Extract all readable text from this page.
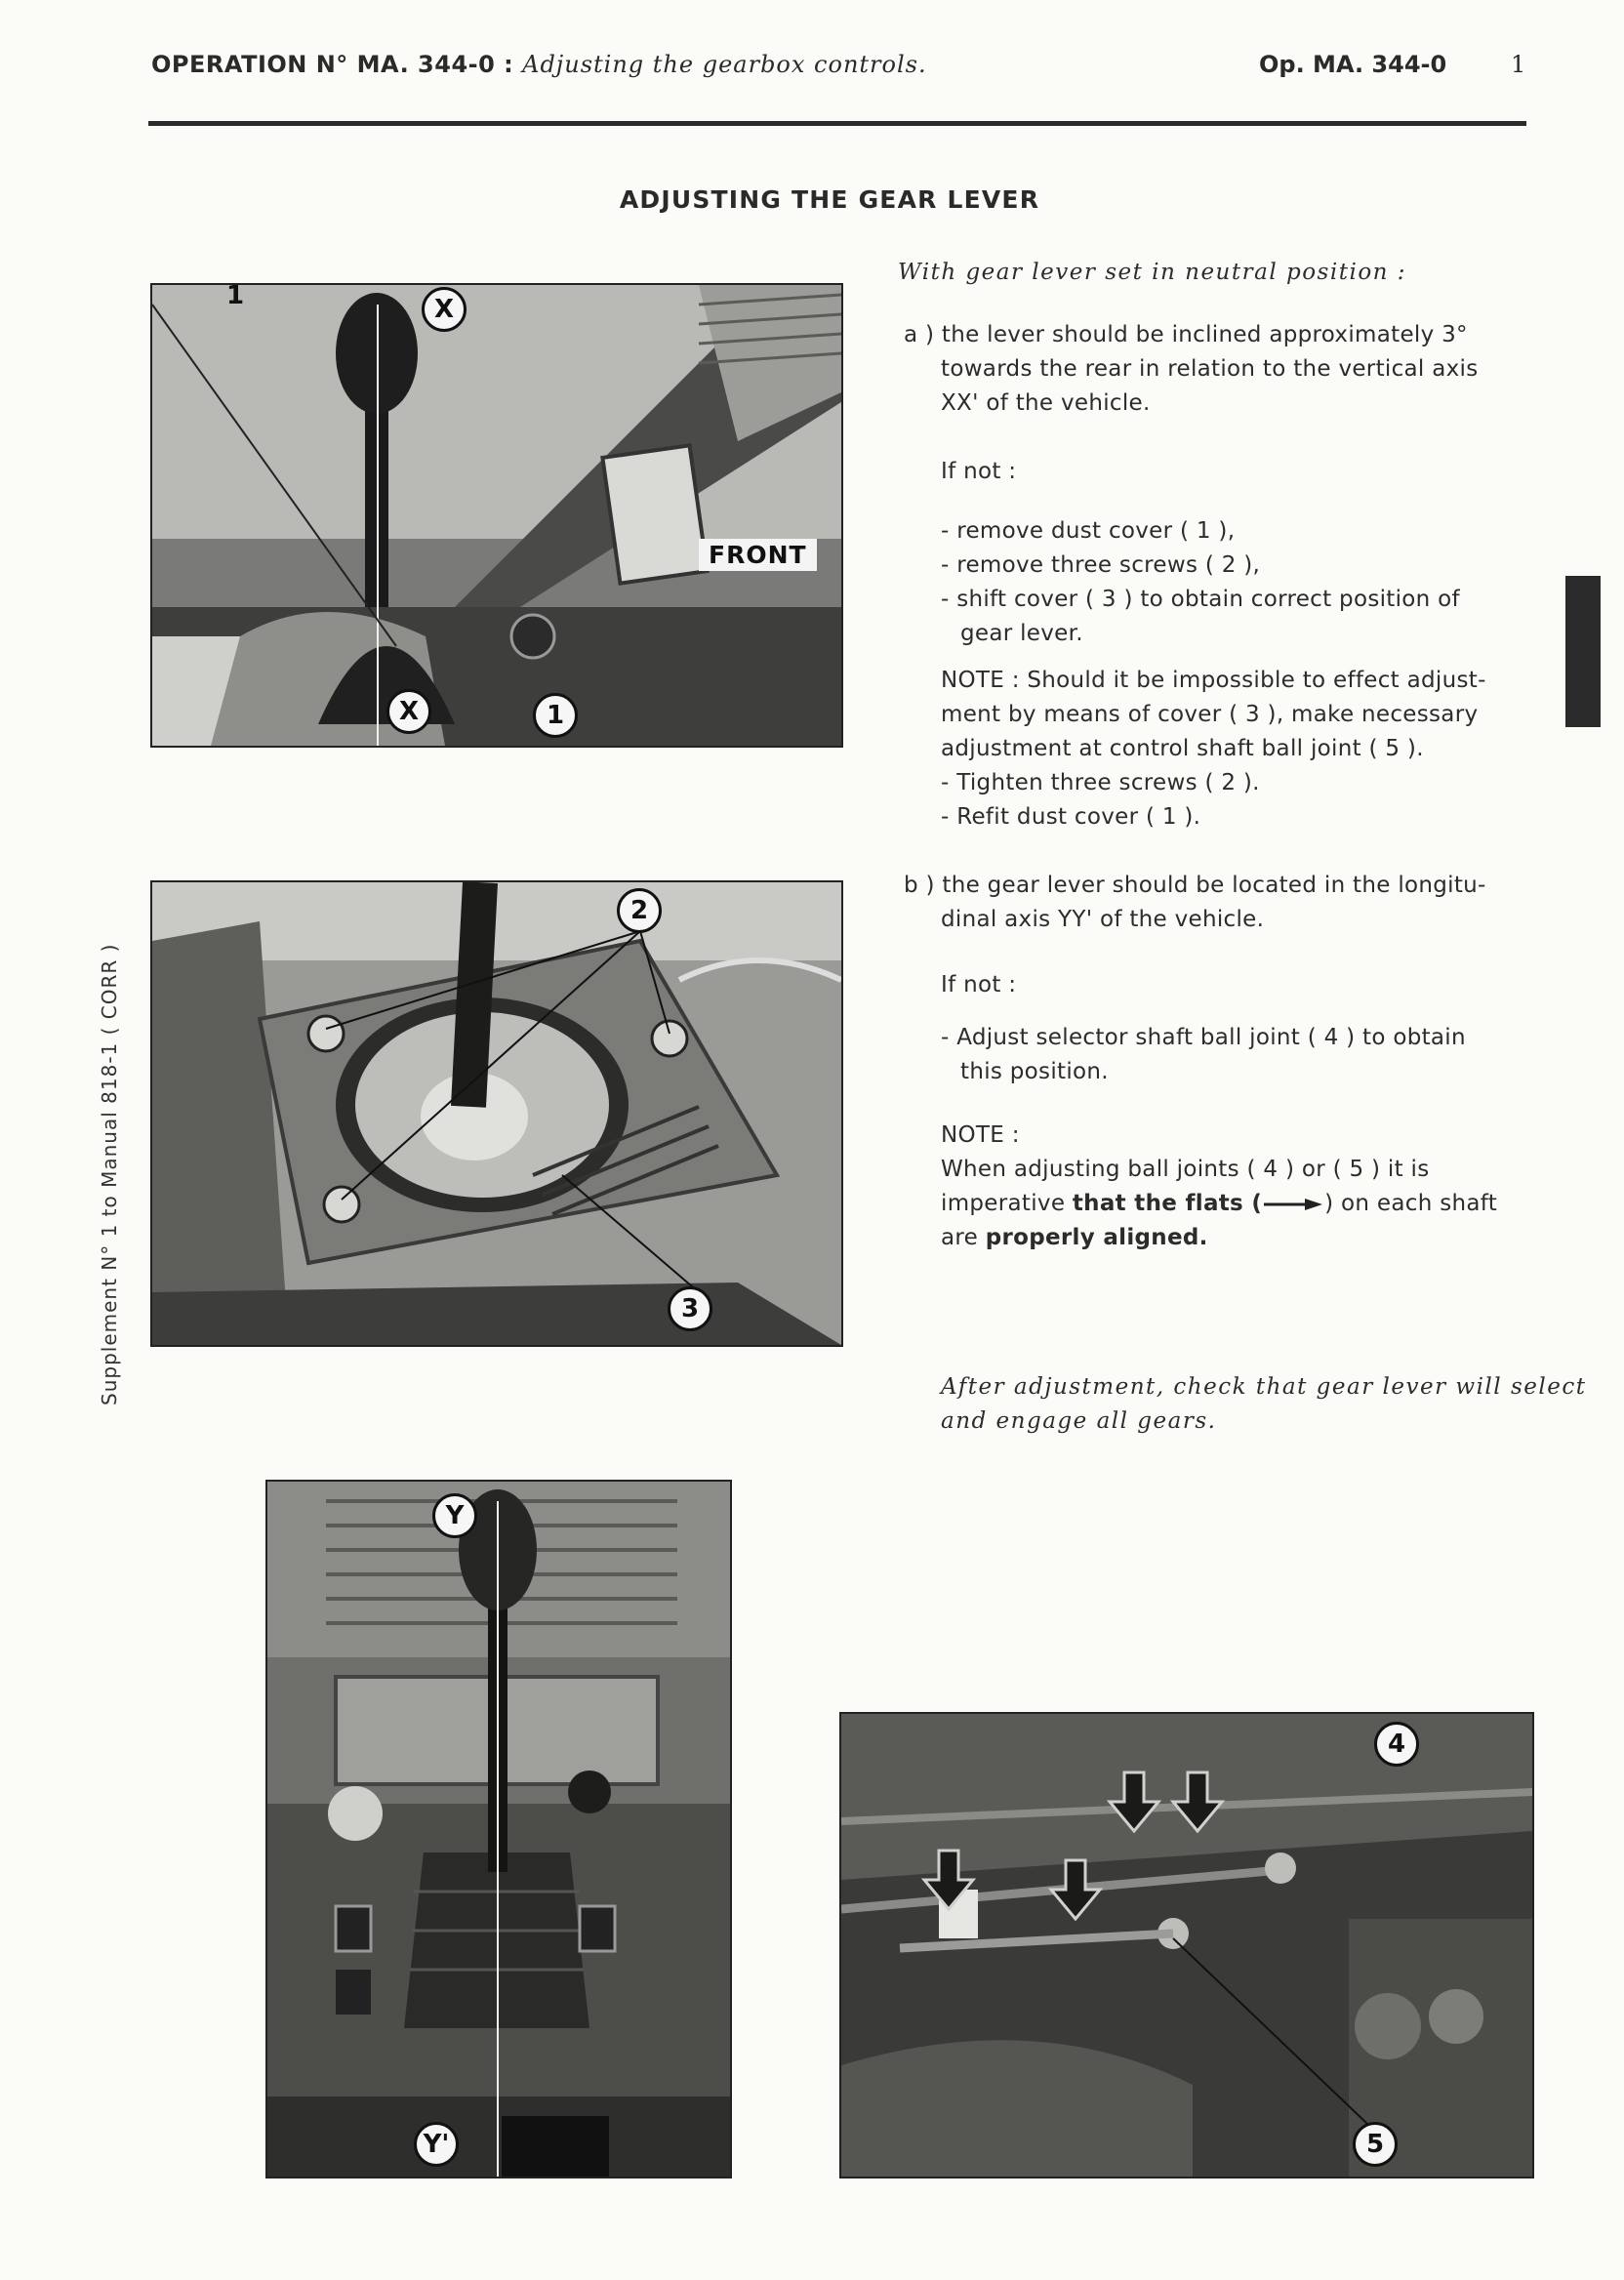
OPERATION N° MA. 344-0 : Adjusting the gearbox controls.	Op. MA. 344-0	1
ADJUSTING THE GEAR LEVER
Supplement N° 1 to Manual 818-1 ( CORR )
1	X
X	1
FRONT
2
3
Y
Y'
4
5
With gear lever set in neutral position :
a ) the lever should be inclined approximately 3°
towards the rear in relation to the vertical axis
XX' of the vehicle.
If not :
- remove dust cover ( 1 ),
- remove three screws ( 2 ),
- shift cover ( 3 ) to obtain correct position of
gear lever.
NOTE : Should it be impossible to effect adjust-
ment by means of cover ( 3 ), make necessary
adjustment at control shaft ball joint ( 5 ).
- Tighten three screws ( 2 ).
- Refit dust cover ( 1 ).
b ) the gear lever should be located in the longitu-
dinal axis YY' of the vehicle.
If not :
- Adjust selector shaft ball joint ( 4 ) to obtain
this position.
NOTE :
When adjusting ball joints ( 4 ) or ( 5 ) it is
imperative that the flats (	) on each shaft
are properly aligned.
After adjustment, check that gear lever will select
and engage all gears.
